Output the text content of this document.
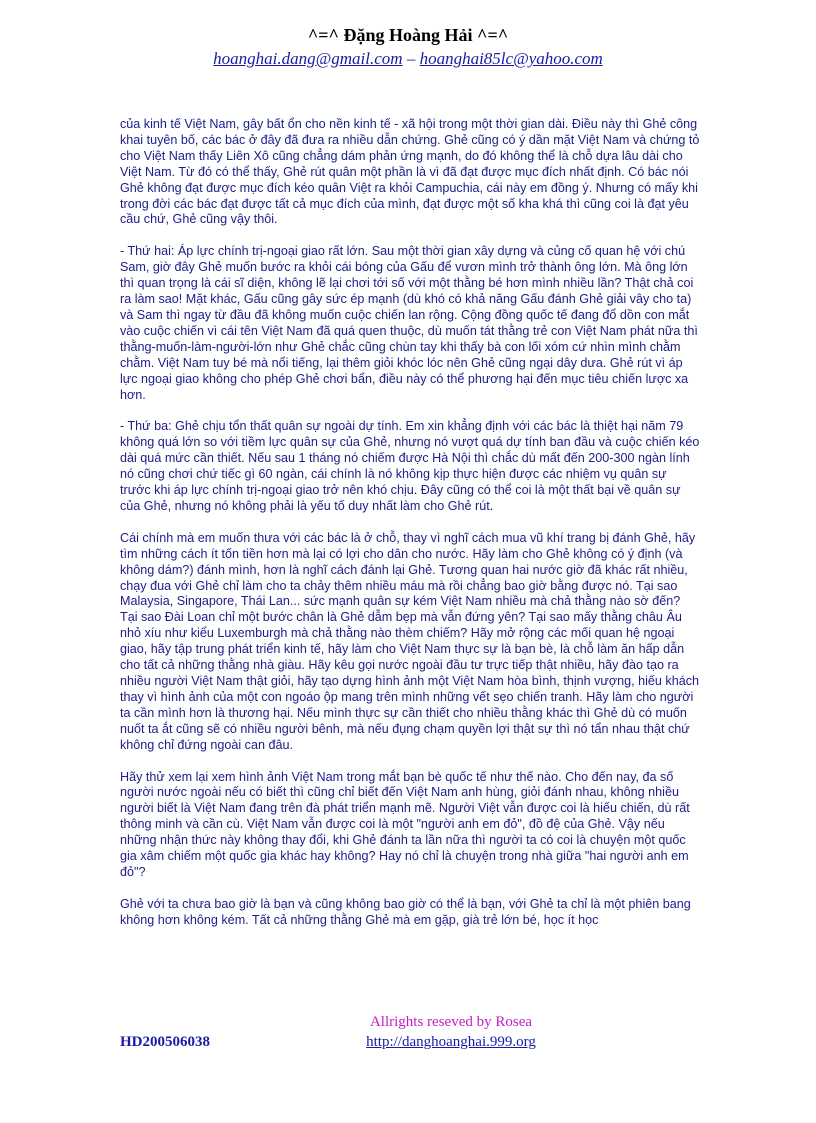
^=^ Đặng Hoàng Hải ^=^
hoanghai.dang@gmail.com – hoanghai85lc@yahoo.com

của kinh tế Việt Nam, gây bất ổn cho nền kinh tế - xã hội trong một thời gian dài. Điều này thì Ghẻ công khai tuyên bố, các bác ở đây đã đưa ra nhiều dẫn chứng. Ghẻ cũng có ý dần mặt Việt Nam và chứng tỏ cho Việt Nam thấy Liên Xô cũng chẳng dám phản ứng mạnh, do đó không thể là chỗ dựa lâu dài cho Việt Nam. Từ đó có thể thấy, Ghẻ rút quân một phần là vì đã đạt được mục đích nhất định. Có bác nói Ghẻ không đạt được mục đích kéo quân Việt ra khỏi Campuchia, cái này em đồng ý. Nhưng có mấy khi trong đời các bác đạt được tất cả mục đích của mình, đạt được một số kha khá thì cũng coi là đạt yêu cầu chứ, Ghẻ cũng vậy thôi.

- Thứ hai: Áp lực chính trị-ngoại giao rất lớn. Sau một thời gian xây dựng và củng cố quan hệ với chú Sam, giờ đây Ghẻ muốn bước ra khỏi cái bóng của Gấu để vươn mình trở thành ông lớn. Mà ông lớn thì quan trọng là cái sĩ diện, không lẽ lại chơi tới số với một thằng bé hơn mình nhiều lần? Thật chả coi ra làm sao! Mặt khác, Gấu cũng gây sức ép mạnh (dù khó có khả năng Gấu đánh Ghẻ giải vây cho ta) và Sam thì ngay từ đầu đã không muốn cuộc chiến lan rộng. Cộng đồng quốc tế đang đổ dồn con mắt vào cuộc chiến vì cái tên Việt Nam đã quá quen thuộc, dù muốn tát thằng trẻ con Việt Nam phát nữa thì thằng-muốn-làm-người-lớn như Ghẻ chắc cũng chùn tay khi thấy bà con lối xóm cứ nhìn mình chằm chằm. Việt Nam tuy bé mà nổi tiếng, lại thêm giỏi khóc lóc nên Ghẻ cũng ngại dây dưa. Ghẻ rút vì áp lực ngoại giao không cho phép Ghẻ chơi bẩn, điều này có thể phương hại đến mục tiêu chiến lược xa hơn.

- Thứ ba: Ghẻ chịu tổn thất quân sự ngoài dự tính. Em xin khẳng định với các bác là thiệt hại năm 79 không quá lớn so với tiềm lực quân sự của Ghẻ, nhưng nó vượt quá dự tính ban đầu và cuộc chiến kéo dài quá mức cần thiết. Nếu sau 1 tháng nó chiếm được Hà Nội thì chắc dù mất đến 200-300 ngàn lính nó cũng chơi chứ tiếc gì 60 ngàn, cái chính là nó không kịp thực hiện được các nhiệm vụ quân sự trước khi áp lực chính trị-ngoại giao trở nên khó chịu. Đây cũng có thể coi là một thất bại về quân sự của Ghẻ, nhưng nó không phải là yếu tố duy nhất làm cho Ghẻ rút.

Cái chính mà em muốn thưa với các bác là ở chỗ, thay vì nghĩ cách mua vũ khí trang bị đánh Ghẻ, hãy tìm những cách ít tốn tiền hơn mà lại có lợi cho dân cho nước. Hãy làm cho Ghẻ không có ý định (và không dám?) đánh mình, hơn là nghĩ cách đánh lại Ghẻ. Tương quan hai nước giờ đã khác rất nhiều, chạy đua với Ghẻ chỉ làm cho ta chảy thêm nhiều máu mà rồi chẳng bao giờ bằng được nó. Tại sao Malaysia, Singapore, Thái Lan... sức mạnh quân sự kém Việt Nam nhiều mà chả thằng nào sờ đến? Tại sao Đài Loan chỉ một bước chân là Ghẻ dẫm bẹp mà vẫn đứng yên? Tại sao mấy thằng châu Âu nhỏ xíu như kiểu Luxemburgh mà chả thằng nào thèm chiếm? Hãy mở rộng các mối quan hệ ngoại giao, hãy tập trung phát triển kinh tế, hãy làm cho Việt Nam thực sự là bạn bè, là chỗ làm ăn hấp dẫn cho tất cả những thằng nhà giàu. Hãy kêu gọi nước ngoài đầu tư trực tiếp thật nhiều, hãy đào tạo ra nhiều người Việt Nam thật giỏi, hãy tạo dựng hình ảnh một Việt Nam hòa bình, thịnh vượng, hiếu khách thay vì hình ảnh của một con ngoáo ộp mang trên mình những vết sẹo chiến tranh. Hãy làm cho người ta cần mình hơn là thương hại. Nếu mình thực sự cần thiết cho nhiều thằng khác thì Ghẻ dù có muốn nuốt ta ắt cũng sẽ có nhiều người bênh, mà nếu đụng chạm quyền lợi thật sự thì nó tẩn nhau thật chứ không chỉ đứng ngoài can đâu.

Hãy thử xem lại xem hình ảnh Việt Nam trong mắt bạn bè quốc tế như thế nào. Cho đến nay, đa số người nước ngoài nếu có biết thì cũng chỉ biết đến Việt Nam anh hùng, giỏi đánh nhau, không nhiều người biết là Việt Nam đang trên đà phát triển mạnh mẽ. Người Việt vẫn được coi là hiếu chiến, dù rất thông minh và cần cù. Việt Nam vẫn được coi là một "người anh em đỏ", đồ đệ của Ghẻ. Vậy nếu những nhận thức này không thay đổi, khi Ghẻ đánh ta lần nữa thì người ta có coi là chuyện một quốc gia xâm chiếm một quốc gia khác hay không? Hay nó chỉ là chuyện trong nhà giữa "hai người anh em đỏ"?

Ghẻ với ta chưa bao giờ là bạn và cũng không bao giờ có thể là bạn, với Ghẻ ta chỉ là một phiên bang không hơn không kém. Tất cả những thằng Ghẻ mà em gặp, già trẻ lớn bé, học ít học

Allrights reseved by Rosea
HD200506038	http://danghoanghai.999.org
